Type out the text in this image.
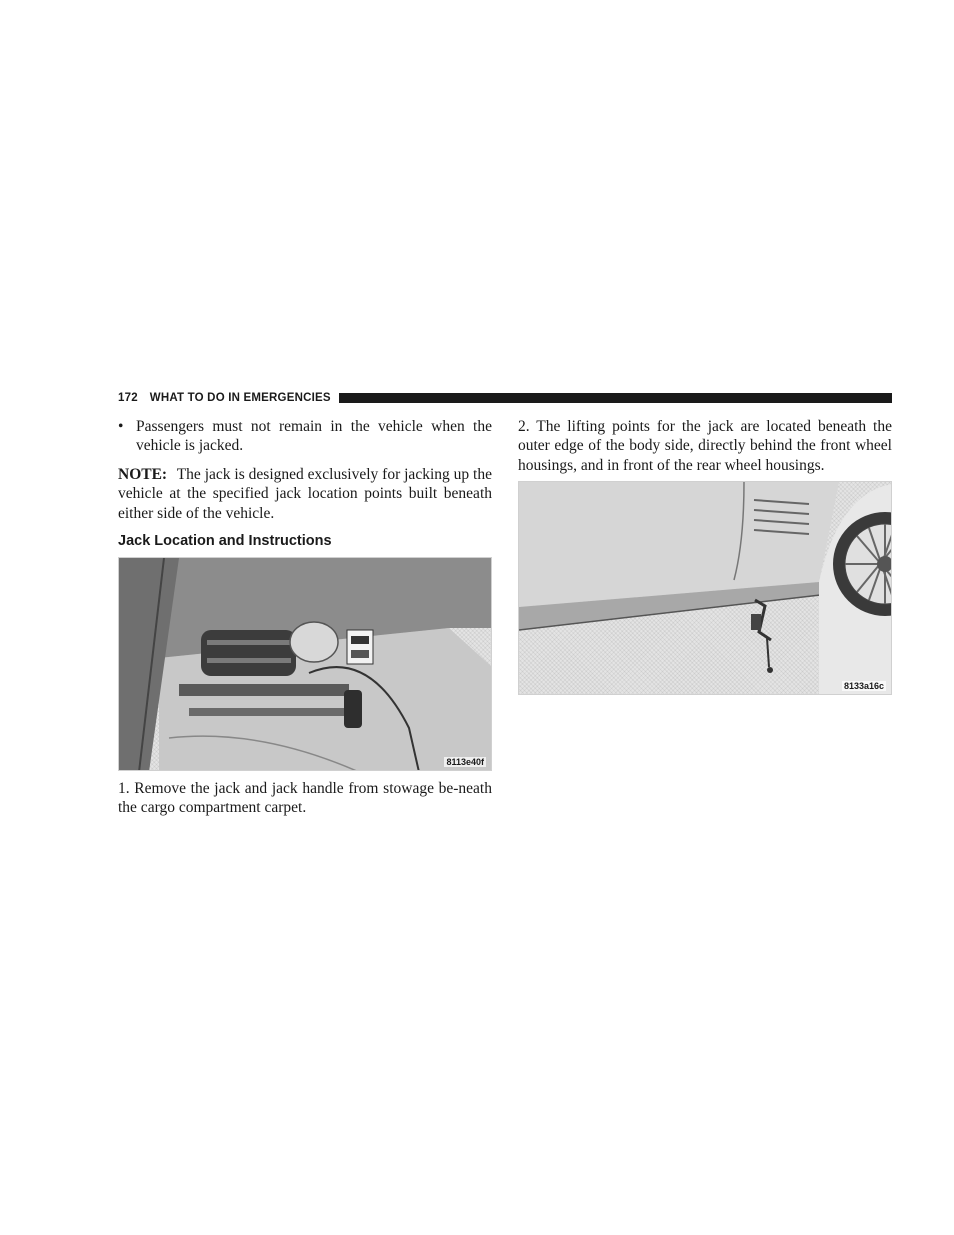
172 WHAT TO DO IN EMERGENCIES
• Passengers must not remain in the vehicle when the vehicle is jacked.

NOTE: The jack is designed exclusively for jacking up the vehicle at the specified jack location points built beneath either side of the vehicle.

Jack Location and Instructions
8113e40f

1. Remove the jack and jack handle from stowage be-neath the cargo compartment carpet.

2. The lifting points for the jack are located beneath the outer edge of the body side, directly behind the front wheel housings, and in front of the rear wheel housings.

8133a16c
